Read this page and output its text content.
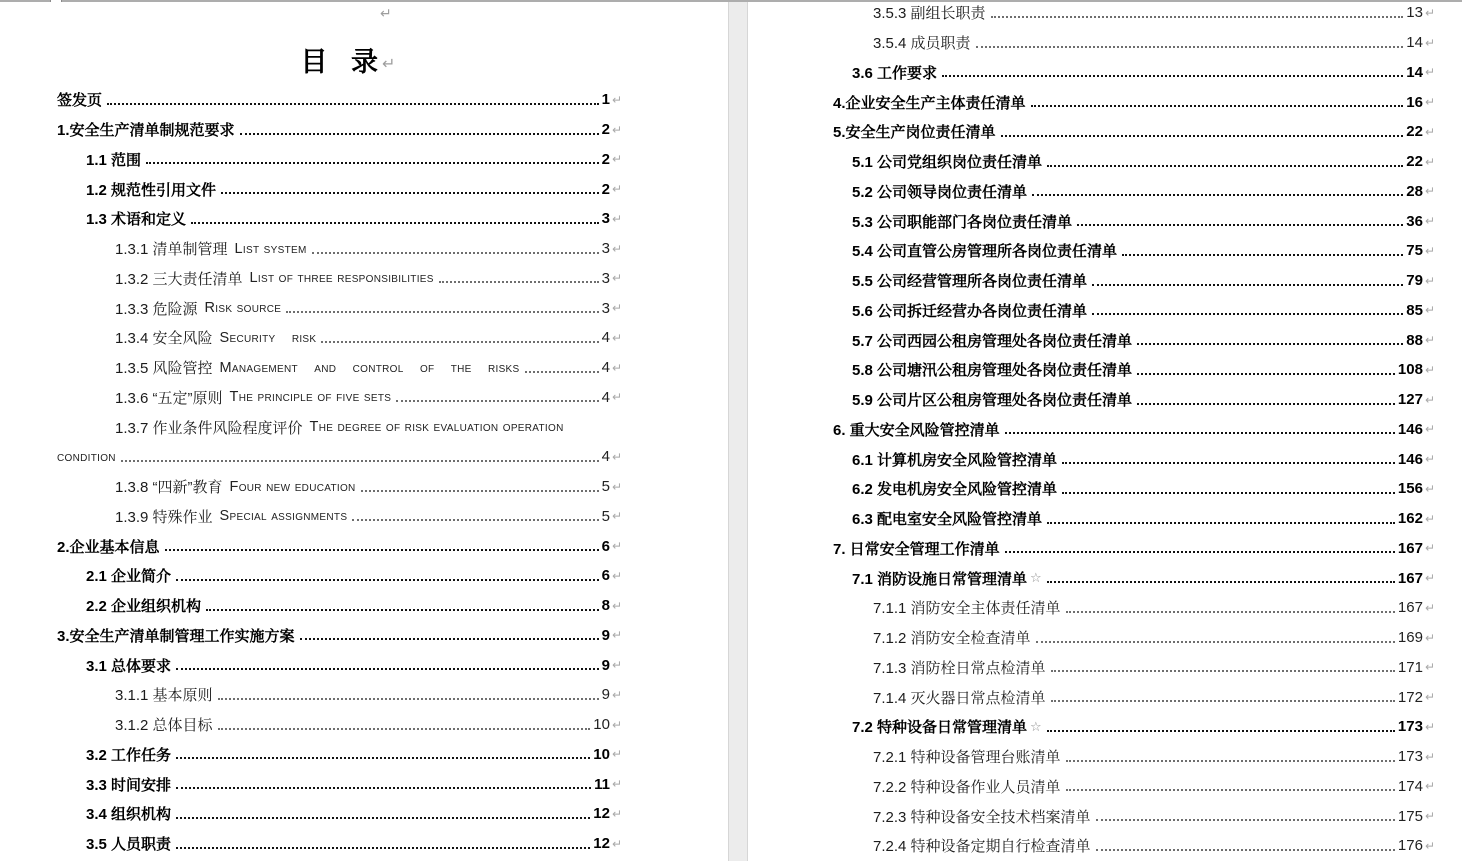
↵
目 录↵
签发页	1 ↵
1.安全生产清单制规范要求	2 ↵
1.1 范围	2 ↵
1.2 规范性引用文件	2 ↵
1.3 术语和定义	3 ↵
1.3.1 清单制管理 List system	3 ↵
1.3.2 三大责任清单 List of three responsibilities	3 ↵
1.3.3 危险源 Risk source	3 ↵
1.3.4 安全风险 Security risk	4 ↵
1.3.5 风险管控 Management and control of the risks	4 ↵
1.3.6 “五定”原则 The principle of five sets	4 ↵
1.3.7 作业条件风险程度评价 The degree of risk evaluation operation
condition	4 ↵
1.3.8 “四新”教育 Four new education	5 ↵
1.3.9 特殊作业 Special assignments	5 ↵
2.企业基本信息	6 ↵
2.1 企业简介	6 ↵
2.2 企业组织机构	8 ↵
3.安全生产清单制管理工作实施方案	9 ↵
3.1 总体要求	9 ↵
3.1.1 基本原则	9 ↵
3.1.2 总体目标	10 ↵
3.2 工作任务	10 ↵
3.3 时间安排	11 ↵
3.4 组织机构	12 ↵
3.5 人员职责	12 ↵
3.5.3 副组长职责	13 ↵
3.5.4 成员职责	14 ↵
3.6 工作要求	14 ↵
4.企业安全生产主体责任清单	16 ↵
5.安全生产岗位责任清单	22 ↵
5.1 公司党组织岗位责任清单	22 ↵
5.2 公司领导岗位责任清单	28 ↵
5.3 公司职能部门各岗位责任清单	36 ↵
5.4 公司直管公房管理所各岗位责任清单	75 ↵
5.5 公司经营管理所各岗位责任清单	79 ↵
5.6 公司拆迁经营办各岗位责任清单	85 ↵
5.7 公司西园公租房管理处各岗位责任清单	88 ↵
5.8 公司塘汛公租房管理处各岗位责任清单	108 ↵
5.9 公司片区公租房管理处各岗位责任清单	127 ↵
6. 重大安全风险管控清单	146 ↵
6.1 计算机房安全风险管控清单	146 ↵
6.2 发电机房安全风险管控清单	156 ↵
6.3 配电室安全风险管控清单	162 ↵
7. 日常安全管理工作清单	167 ↵
7.1 消防设施日常管理清单 ☆	167 ↵
7.1.1 消防安全主体责任清单	167 ↵
7.1.2 消防安全检查清单	169 ↵
7.1.3 消防栓日常点检清单	171 ↵
7.1.4 灭火器日常点检清单	172 ↵
7.2 特种设备日常管理清单 ☆	173 ↵
7.2.1 特种设备管理台账清单	173 ↵
7.2.2 特种设备作业人员清单	174 ↵
7.2.3 特种设备安全技术档案清单	175 ↵
7.2.4 特种设备定期自行检查清单	176 ↵
